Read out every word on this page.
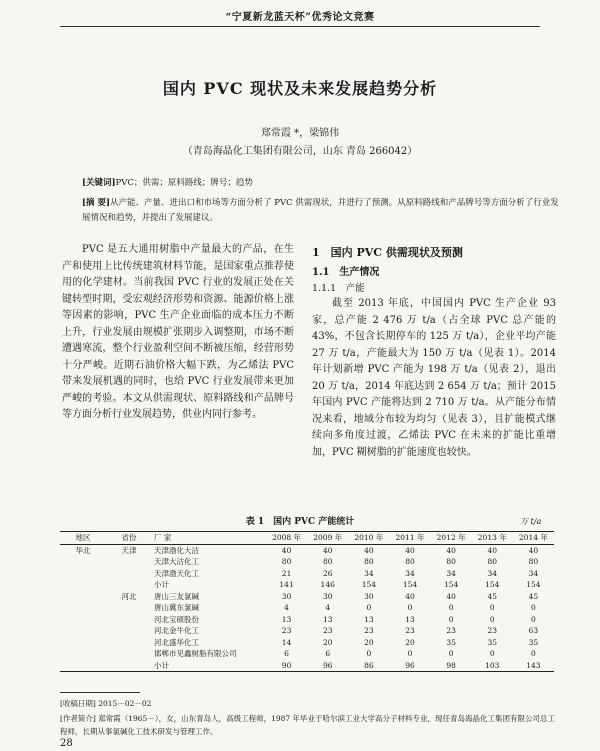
“宁夏新龙蓝天杯”优秀论文竞赛
国内 PVC 现状及未来发展趋势分析
郑常霞 *，梁锦伟
（青岛海晶化工集团有限公司，山东 青岛 266042）
[关键词]PVC；供需；原料路线；牌号；趋势
[摘 要]从产能、产量、进出口和市场等方面分析了 PVC 供需现状，并进行了预测。从原料路线和产品牌号等方面分析了行业发展情况和趋势，并提出了发展建议。
PVC 是五大通用树脂中产量最大的产品，在生产和使用上比传统建筑材料节能，是国家重点推荐使用的化学建材。当前我国 PVC 行业的发展正处在关键转型时期，受宏观经济形势和资源、能源价格上涨等因素的影响，PVC 生产企业面临的成本压力不断上升，行业发展由规模扩张期步入调整期，市场不断遭遇寒流，整个行业盈利空间不断被压缩，经营形势十分严峻。近期石油价格大幅下跌，为乙烯法 PVC 带来发展机遇的同时，也给 PVC 行业发展带来更加严峻的考验。本文从供需现状、原料路线和产品牌号等方面分析行业发展趋势，供业内同行参考。
1　国内 PVC 供需现状及预测
1.1　生产情况
1.1.1　产能
截至 2013 年底，中国国内 PVC 生产企业 93 家，总产能 2 476 万 t/a（占全球 PVC 总产能的 43%，不包含长期停车的 125 万 t/a），企业平均产能 27 万 t/a，产能最大为 150 万 t/a（见表 1）。2014 年计划新增 PVC 产能为 198 万 t/a（见表 2），退出 20 万 t/a，2014 年底达到 2 654 万 t/a；预计 2015 年国内 PVC 产能将达到 2 710 万 t/a。从产能分布情况来看，地域分布较为均匀（见表 3），且扩能模式继续向多角度过渡，乙烯法 PVC 在未来的扩能比重增加，PVC 糊树脂的扩能速度也较快。
表 1　国内 PVC 产能统计	万 t/a
地区	省份	厂 家	2008 年	2009 年	2010 年	2011 年	2012 年	2013 年	2014 年
华北	天津	天津渤化大沽	40	40	40	40	40	40	40
		天津大沽化工	80	80	80	80	80	80	80
		天津渤天化工	21	26	34	34	34	34	34
		小计	141	146	154	154	154	154	154
	河北	唐山三友氯碱	30	30	30	40	40	45	45
		唐山冀东氯碱	4	4	0	0	0	0	0
		河北宝硕股份	13	13	13	13	0	0	0
		河北金牛化工	23	23	23	23	23	23	63
		河北盛华化工	14	20	20	20	35	35	35
		邯郸市见鑫树脂有限公司	6	6	0	0	0	0	0
		小计	90	96	86	96	98	103	143
[收稿日期] 2015－02－02
[作者简介] 郑常霞（1965－），女，山东青岛人，高级工程师，1987 年毕业于哈尔滨工业大学高分子材料专业，现任青岛海晶化工集团有限公司总工程师，长期从事氯碱化工技术研发与管理工作。
28
